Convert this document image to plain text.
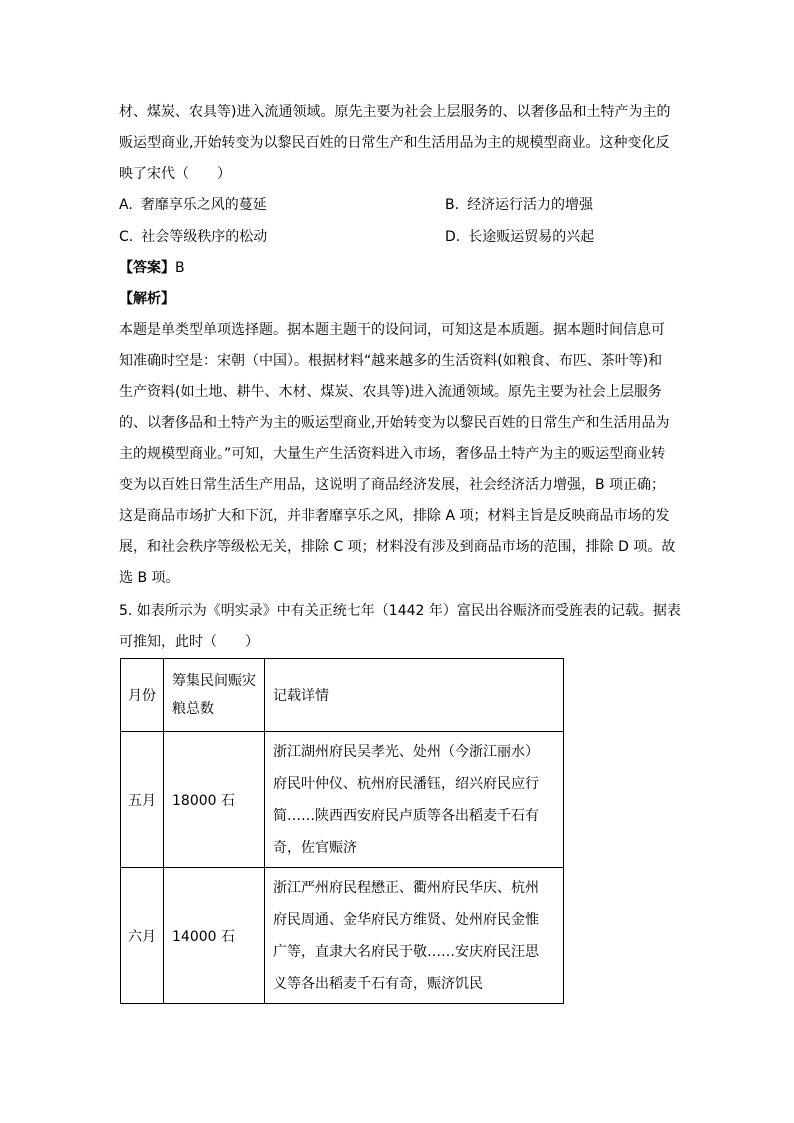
材、煤炭、农具等)进入流通领域。原先主要为社会上层服务的、以奢侈品和土特产为主的
贩运型商业,开始转变为以黎民百姓的日常生产和生活用品为主的规模型商业。这种变化反
映了宋代（　　）
A. 奢靡享乐之风的蔓延	B. 经济运行活力的增强
C. 社会等级秩序的松动	D. 长途贩运贸易的兴起
【答案】B
【解析】
本题是单类型单项选择题。据本题主题干的设问词，可知这是本质题。据本题时间信息可
知准确时空是：宋朝（中国）。根据材料“越来越多的生活资料(如粮食、布匹、茶叶等)和
生产资料(如土地、耕牛、木材、煤炭、农具等)进入流通领域。原先主要为社会上层服务
的、以奢侈品和土特产为主的贩运型商业,开始转变为以黎民百姓的日常生产和生活用品为
主的规模型商业。”可知，大量生产生活资料进入市场，奢侈品土特产为主的贩运型商业转
变为以百姓日常生活生产用品，这说明了商品经济发展，社会经济活力增强，B 项正确；
这是商品市场扩大和下沉，并非奢靡享乐之风，排除 A 项；材料主旨是反映商品市场的发
展，和社会秩序等级松无关，排除 C 项；材料没有涉及到商品市场的范围，排除 D 项。故
选 B 项。
5. 如表所示为《明实录》中有关正统七年（1442 年）富民出谷赈济而受旌表的记载。据表
可推知，此时（　　）
月份	筹集民间赈灾
粮总数	记载详情
五月	18000 石	浙江湖州府民吴孝光、处州（今浙江丽水）
府民叶仲仪、杭州府民潘钰，绍兴府民应行
简……陕西西安府民卢质等各出稻麦千石有
奇，佐官赈济

六月	14000 石	浙江严州府民程懋正、衢州府民华庆、杭州
府民周通、金华府民方维贤、处州府民金惟
广等，直隶大名府民于敬……安庆府民汪思
义等各出稻麦千石有奇，赈济饥民
